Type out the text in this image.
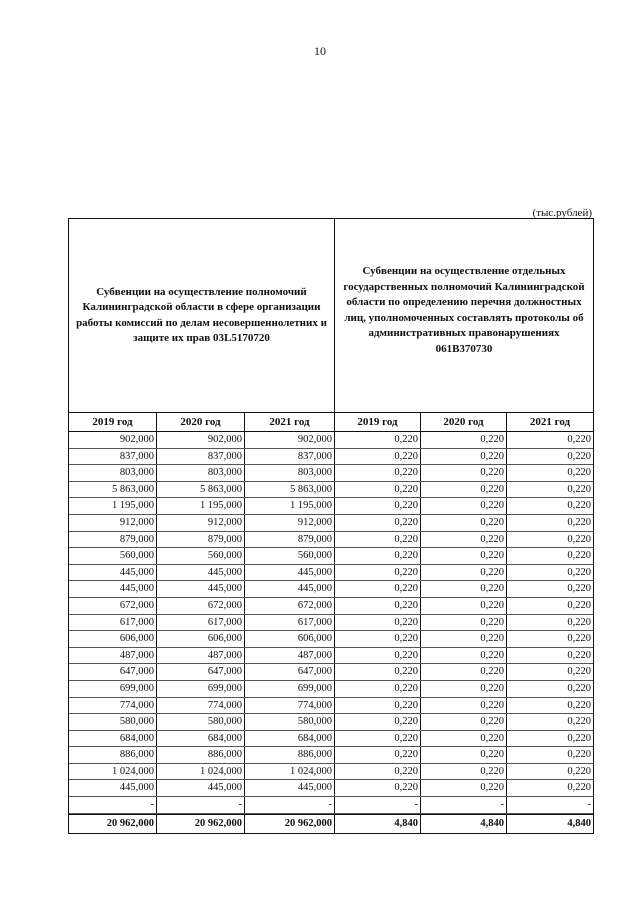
10
(тыс.рублей)
Субвенции на осуществление полномочий Калининградской области в сфере организации работы комиссий по делам несовершеннолетних и защите их прав 03L5170720
Субвенции на осуществление отдельных государственных полномочий Калининградской области по определению перечня должностных лиц, уполномоченных составлять протоколы об административных правонарушениях 061В370730
2019 год	2020 год	2021 год	2019 год	2020 год	2021 год
902,000	902,000	902,000	0,220	0,220	0,220
837,000	837,000	837,000	0,220	0,220	0,220
803,000	803,000	803,000	0,220	0,220	0,220
5 863,000	5 863,000	5 863,000	0,220	0,220	0,220
1 195,000	1 195,000	1 195,000	0,220	0,220	0,220
912,000	912,000	912,000	0,220	0,220	0,220
879,000	879,000	879,000	0,220	0,220	0,220
560,000	560,000	560,000	0,220	0,220	0,220
445,000	445,000	445,000	0,220	0,220	0,220
445,000	445,000	445,000	0,220	0,220	0,220
672,000	672,000	672,000	0,220	0,220	0,220
617,000	617,000	617,000	0,220	0,220	0,220
606,000	606,000	606,000	0,220	0,220	0,220
487,000	487,000	487,000	0,220	0,220	0,220
647,000	647,000	647,000	0,220	0,220	0,220
699,000	699,000	699,000	0,220	0,220	0,220
774,000	774,000	774,000	0,220	0,220	0,220
580,000	580,000	580,000	0,220	0,220	0,220
684,000	684,000	684,000	0,220	0,220	0,220
886,000	886,000	886,000	0,220	0,220	0,220
1 024,000	1 024,000	1 024,000	0,220	0,220	0,220
445,000	445,000	445,000	0,220	0,220	0,220
-	-	-	-	-	-
20 962,000	20 962,000	20 962,000	4,840	4,840	4,840
